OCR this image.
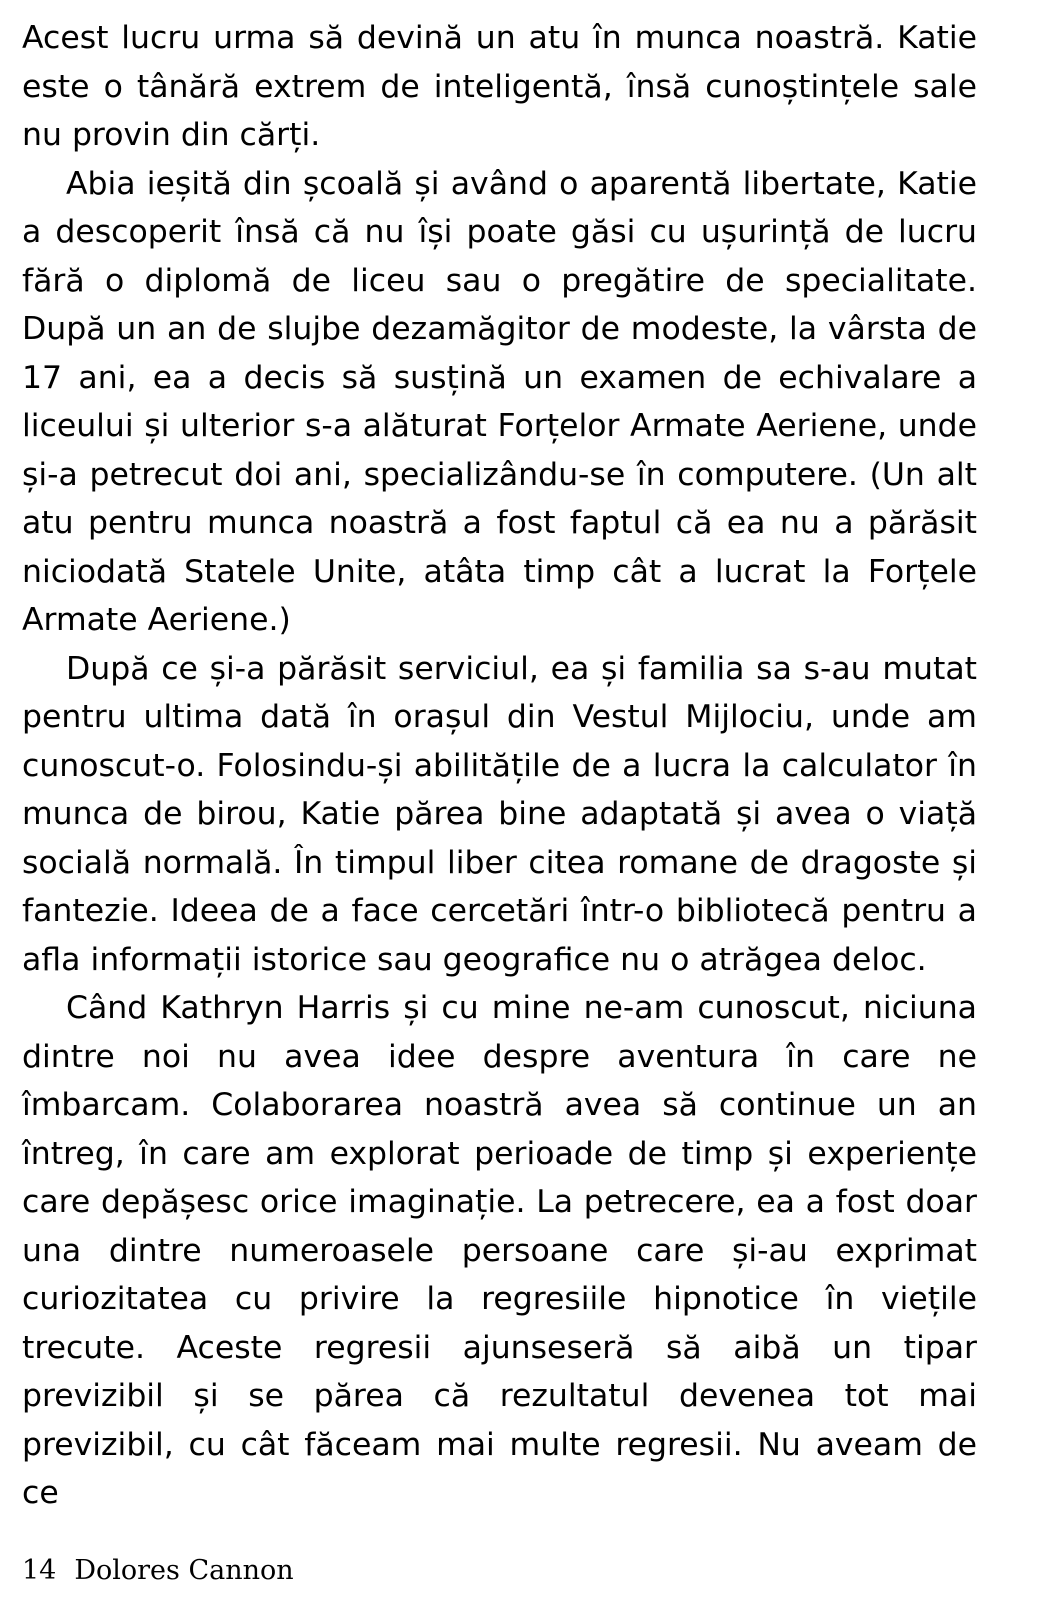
Acest lucru urma să devină un atu în munca noastră. Katie este o tânără extrem de inteligentă, însă cunoștințele sale nu provin din cărți.

Abia ieșită din școală și având o aparentă libertate, Katie a descoperit însă că nu își poate găsi cu ușurință de lucru fără o diplomă de liceu sau o pregătire de specialitate. După un an de slujbe dezamăgitor de modeste, la vârsta de 17 ani, ea a decis să susțină un examen de echivalare a liceului și ulterior s-a alăturat Forțelor Armate Aeriene, unde și-a petrecut doi ani, specializându-se în computere. (Un alt atu pentru munca noastră a fost faptul că ea nu a părăsit niciodată Statele Unite, atâta timp cât a lucrat la Forțele Armate Aeriene.)

După ce și-a părăsit serviciul, ea și familia sa s-au mutat pentru ultima dată în orașul din Vestul Mijlociu, unde am cunoscut-o. Folosindu-și abilitățile de a lucra la calculator în munca de birou, Katie părea bine adaptată și avea o viață socială normală. În timpul liber citea romane de dragoste și fantezie. Ideea de a face cercetări într-o bibliotecă pentru a afla informații istorice sau geografice nu o atrăgea deloc.

Când Kathryn Harris și cu mine ne-am cunoscut, niciuna dintre noi nu avea idee despre aventura în care ne îmbarcam. Colaborarea noastră avea să continue un an întreg, în care am explorat perioade de timp și experiențe care depășesc orice imaginație. La petrecere, ea a fost doar una dintre numeroasele persoane care și-au exprimat curiozitatea cu privire la regresiile hipnotice în viețile trecute. Aceste regresii ajunseseră să aibă un tipar previzibil și se părea că rezultatul devenea tot mai previzibil, cu cât făceam mai multe regresii. Nu aveam de ce

14 Dolores Cannon
